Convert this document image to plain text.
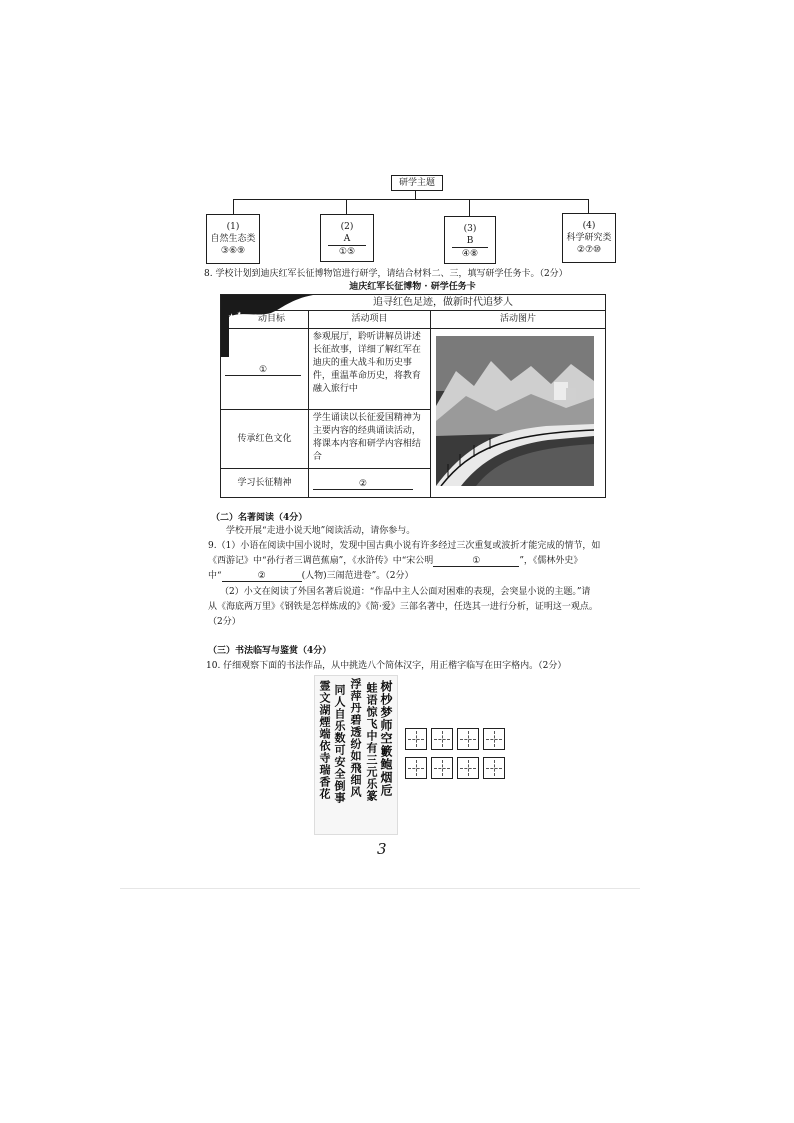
研学主题
(1)
自然生态类
③⑥⑨
(2)
A
①⑤
(3)
B
④⑧
(4)
科学研究类
②⑦⑩
8. 学校计划到迪庆红军长征博物馆进行研学，请结合材料二、三，填写研学任务卡。（2分）
迪庆红军长征博物 · 研学任务卡
追寻红色足迹，做新时代追梦人		
动目标	活动项目	活动图片
①	参观展厅，聆听讲解员讲述长征故事，详细了解红军在迪庆的重大战斗和历史事件，重温革命历史，将教育融入旅行中	
传承红色文化	学生诵读以长征爱国精神为主要内容的经典诵读活动，将课本内容和研学内容相结合	
学习长征精神	②	
★ ★
★
（二）名著阅读（4分）
学校开展“走进小说天地”阅读活动，请你参与。
9.（1）小语在阅读中国小说时，发现中国古典小说有许多经过三次重复或波折才能完成的情节，如
《西游记》中“孙行者三调芭蕉扇”，《水浒传》中“宋公明	①	”，《儒林外史》
中“	②	(人物)三闹范进卷”。（2分）
（2）小文在阅读了外国名著后说道：“作品中主人公面对困难的表现，会突显小说的主题。”请
从《海底两万里》《钢铁是怎样炼成的》《简·爱》三部名著中，任选其一进行分析，证明这一观点。
（2分）
（三）书法临写与鉴赏（4分）
10. 仔细观察下面的书法作品，从中挑选八个简体汉字，用正楷字临写在田字格内。（2分）
树杪梦师空籔鲍烟卮
蛙语惊飞中有三元乐篆
浮萍丹碧透纷如飛细风
同人自乐数可安全倒事
霊文湖煙端依寺瑞香花
3
